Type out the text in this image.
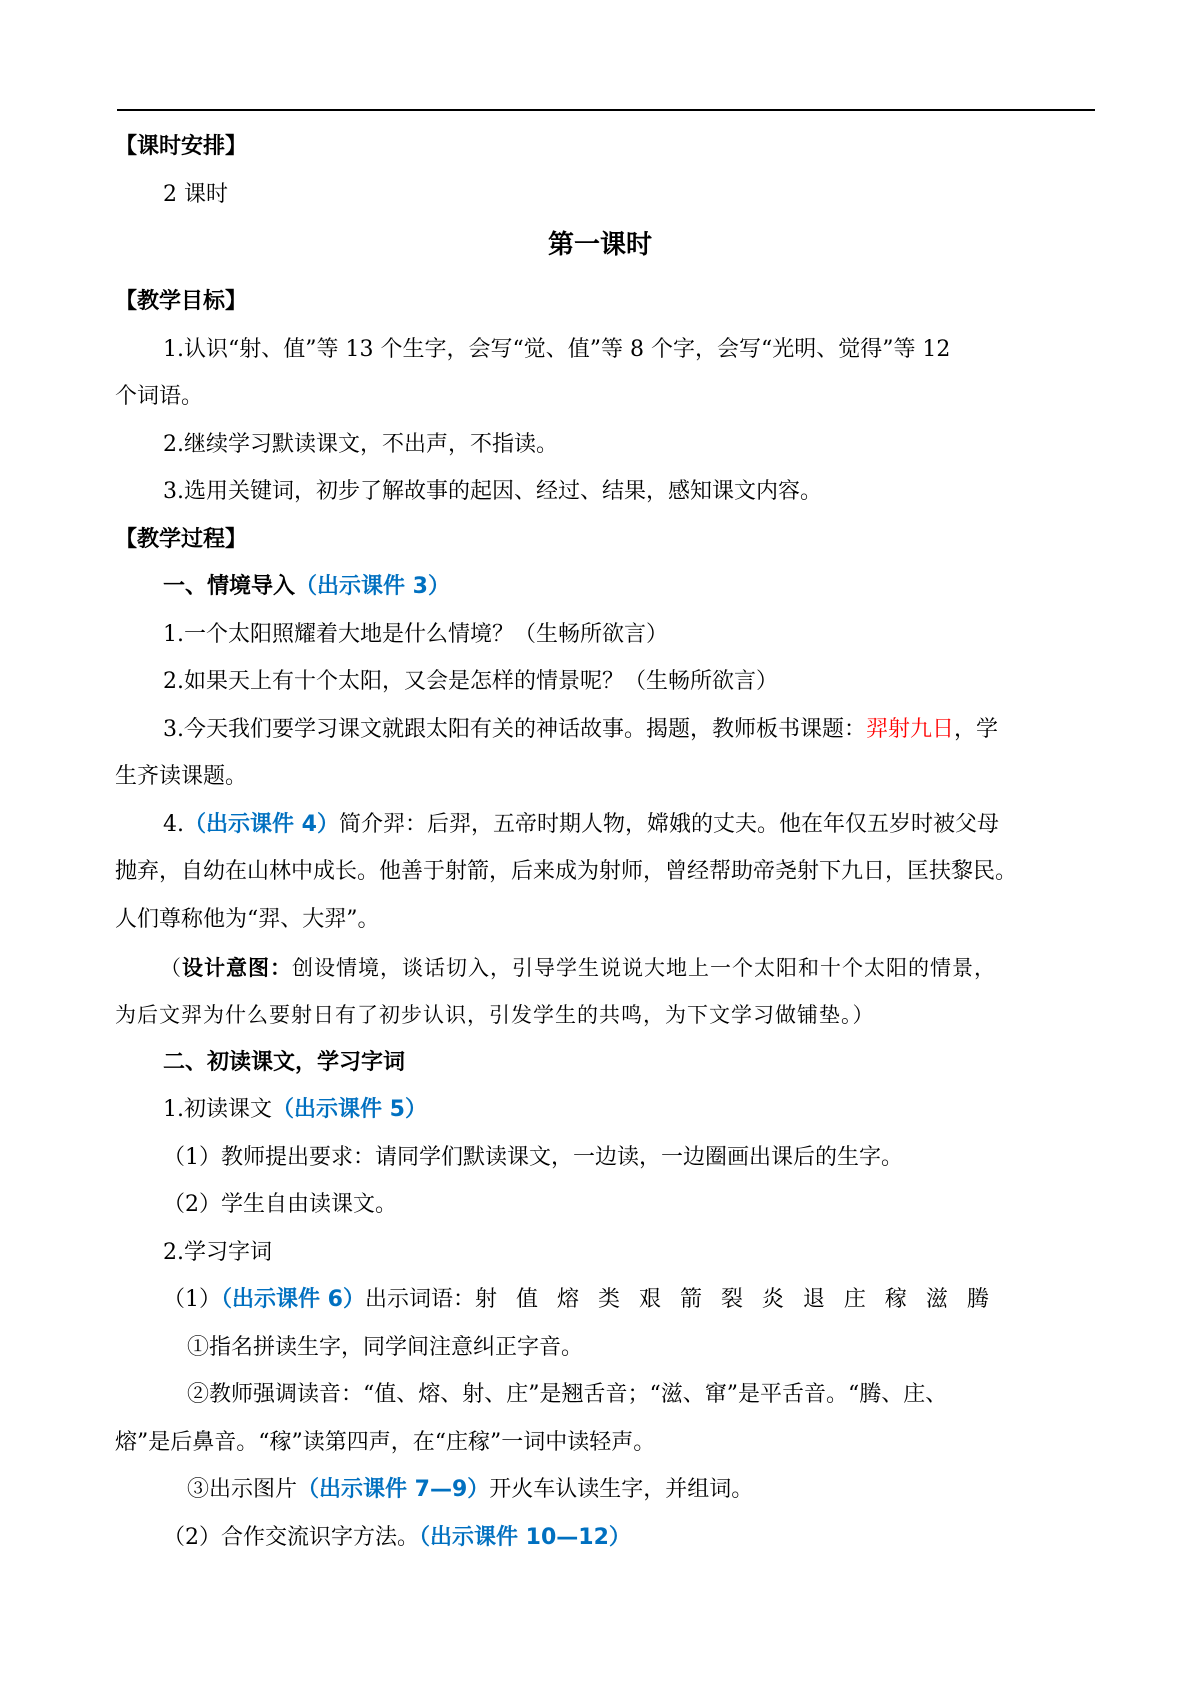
【课时安排】
2 课时
第一课时
【教学目标】
1.认识“射、值”等 13 个生字，会写“觉、值”等 8 个字，会写“光明、觉得”等 12
个词语。
2.继续学习默读课文，不出声，不指读。
3.选用关键词，初步了解故事的起因、经过、结果，感知课文内容。
【教学过程】
一、情境导入（出示课件 3）
1.一个太阳照耀着大地是什么情境？（生畅所欲言）
2.如果天上有十个太阳，又会是怎样的情景呢？（生畅所欲言）
3.今天我们要学习课文就跟太阳有关的神话故事。揭题，教师板书课题：羿射九日，学
生齐读课题。
4.（出示课件 4）简介羿：后羿，五帝时期人物，嫦娥的丈夫。他在年仅五岁时被父母
抛弃，自幼在山林中成长。他善于射箭，后来成为射师，曾经帮助帝尧射下九日，匡扶黎民。
人们尊称他为“羿、大羿”。
（设计意图：创设情境，谈话切入，引导学生说说大地上一个太阳和十个太阳的情景，
为后文羿为什么要射日有了初步认识，引发学生的共鸣，为下文学习做铺垫。）
二、初读课文，学习字词
1.初读课文（出示课件 5）
（1）教师提出要求：请同学们默读课文，一边读，一边圈画出课后的生字。
（2）学生自由读课文。
2.学习字词
（1）（出示课件 6）出示词语：射 值 熔 类 艰 箭 裂 炎 退 庄 稼 滋 腾
①指名拼读生字，同学间注意纠正字音。
②教师强调读音：“值、熔、射、庄”是翘舌音；“滋、窜”是平舌音。“腾、庄、
熔”是后鼻音。“稼”读第四声，在“庄稼”一词中读轻声。
③出示图片（出示课件 7—9）开火车认读生字，并组词。
（2）合作交流识字方法。（出示课件 10—12）
